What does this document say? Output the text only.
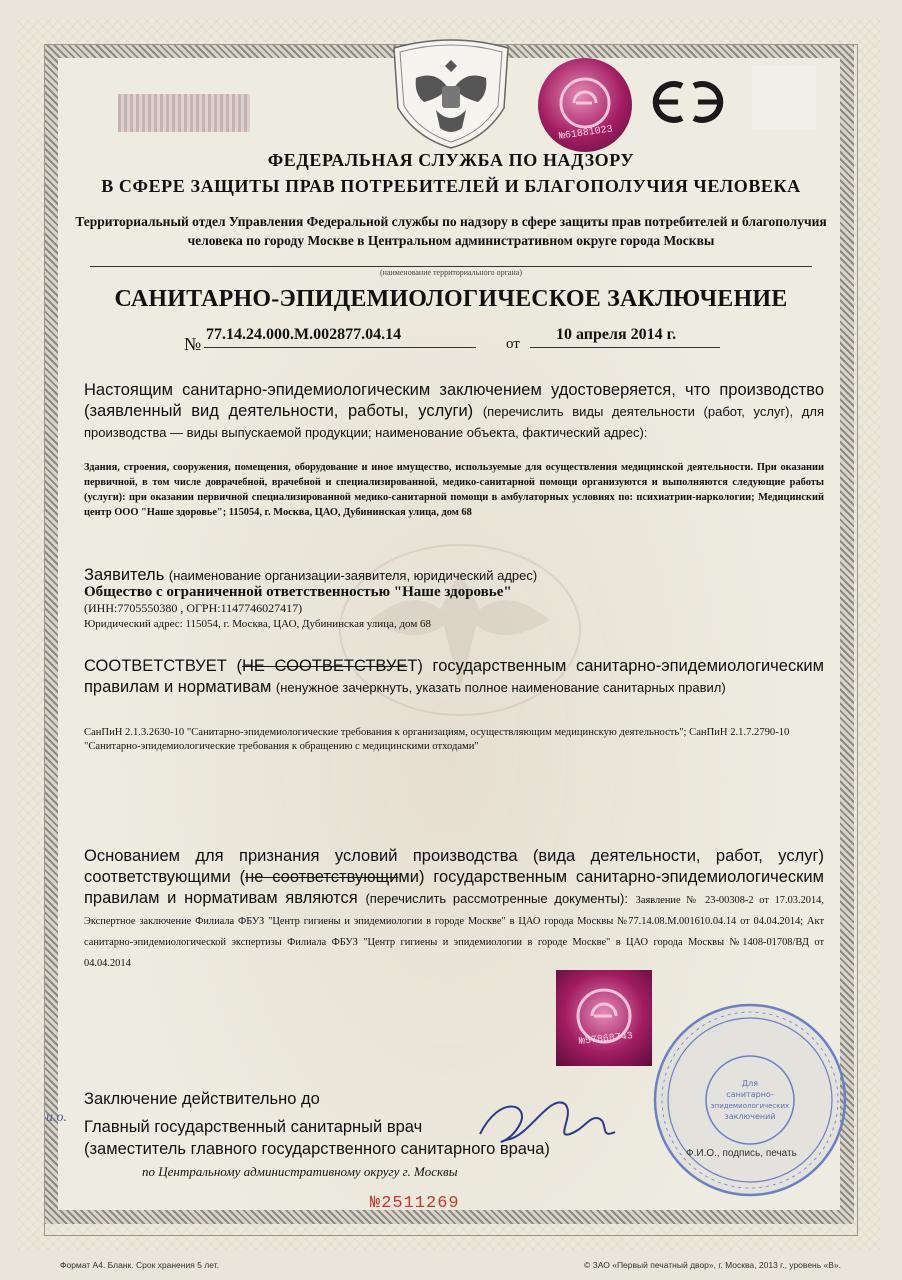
№61881023
ФЕДЕРАЛЬНАЯ СЛУЖБА ПО НАДЗОРУ
В СФЕРЕ ЗАЩИТЫ ПРАВ ПОТРЕБИТЕЛЕЙ И БЛАГОПОЛУЧИЯ ЧЕЛОВЕКА
Территориальный отдел Управления Федеральной службы по надзору в сфере защиты прав потребителей и благополучия человека по городу Москве в Центральном административном округе города Москвы
(наименование территориального органа)
САНИТАРНО-ЭПИДЕМИОЛОГИЧЕСКОЕ ЗАКЛЮЧЕНИЕ
№ 77.14.24.000.М.002877.04.14
от
10 апреля 2014 г.
Настоящим санитарно-эпидемиологическим заключением удостоверяется, что производство (заявленный вид деятельности, работы, услуги) (перечислить виды деятельности (работ, услуг), для производства — виды выпускаемой продукции; наименование объекта, фактический адрес):
Здания, строения, сооружения, помещения, оборудование и иное имущество, используемые для осуществления медицинской деятельности. При оказании первичной, в том числе доврачебной, врачебной и специализированной, медико-санитарной помощи организуются и выполняются следующие работы (услуги): при оказании первичной специализированной медико-санитарной помощи в амбулаторных условиях по: психиатрии-наркологии; Медицинский центр ООО "Наше здоровье"; 115054, г. Москва, ЦАО, Дубининская улица, дом 68
Заявитель (наименование организации-заявителя, юридический адрес)
Общество с ограниченной ответственностью "Наше здоровье"
(ИНН:7705550380 , ОГРН:1147746027417)
Юридический адрес: 115054, г. Москва, ЦАО, Дубининская улица, дом 68
СООТВЕТСТВУЕТ (НЕ СООТВЕТСТВУЕТ) государственным санитарно-эпидемиологическим правилам и нормативам (ненужное зачеркнуть, указать полное наименование санитарных правил)
СанПиН 2.1.3.2630-10 "Санитарно-эпидемиологические требования к организациям, осуществляющим медицинскую деятельность"; СанПиН 2.1.7.2790-10 "Санитарно-эпидемиологические требования к обращению с медицинскими отходами"
Основанием для признания условий производства (вида деятельности, работ, услуг) соответствующими (не соответствующими) государственным санитарно-эпидемиологическим правилам и нормативам являются (перечислить рассмотренные документы): Заявление № 23-00308-2 от 17.03.2014, Экспертное заключение Филиала ФБУЗ "Центр гигиены и эпидемиологии в городе Москве" в ЦАО города Москвы №77.14.08.М.001610.04.14 от 04.04.2014; Акт санитарно-эпидемиологической экспертизы Филиала ФБУЗ "Центр гигиены и эпидемиологии в городе Москве" в ЦАО города Москвы №1408-01708/ВД от 04.04.2014
№57868743
Заключение действительно до
и.о.
Главный государственный санитарный врач
(заместитель главного государственного санитарного врача)
по Центральному административному округу г. Москвы
Для
санитарно-
эпидемиологических
заключений
Ф.И.О., подпись, печать
№2511269
Формат А4. Бланк. Срок хранения 5 лет.	© ЗАО «Первый печатный двор», г. Москва, 2013 г., уровень «В».
